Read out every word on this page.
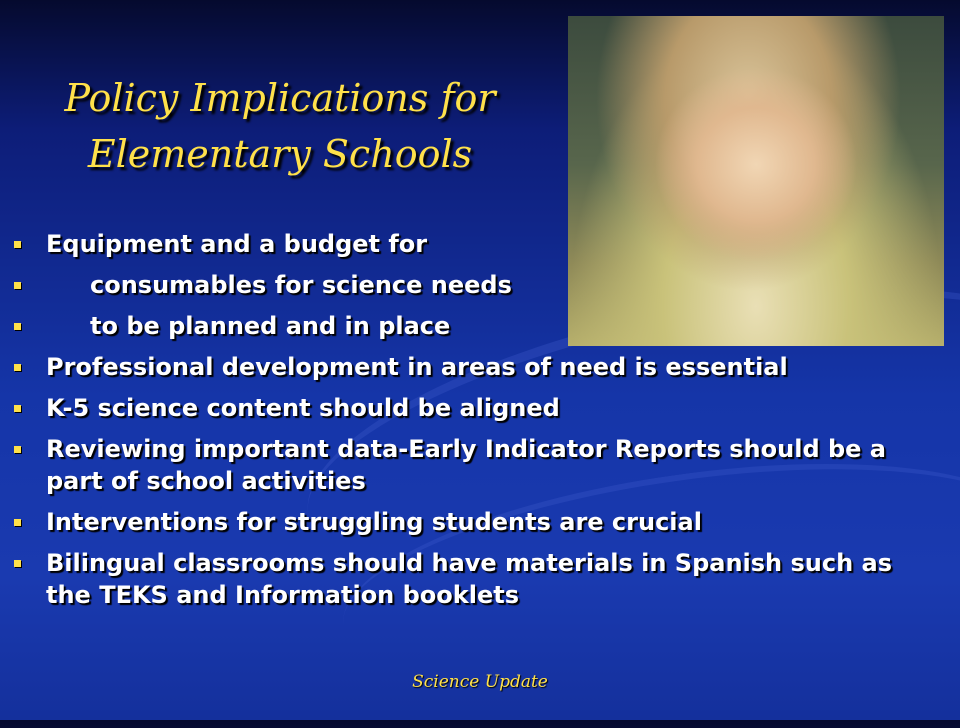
Policy Implications for
Elementary Schools
Equipment and a budget for
consumables for science needs
to be planned and in place
Professional development in areas of need is essential
K-5 science content should be aligned
Reviewing important data-Early Indicator Reports should be a part of school activities
Interventions for struggling students are crucial
Bilingual classrooms should have materials in Spanish such as the TEKS and Information booklets
Science Update
